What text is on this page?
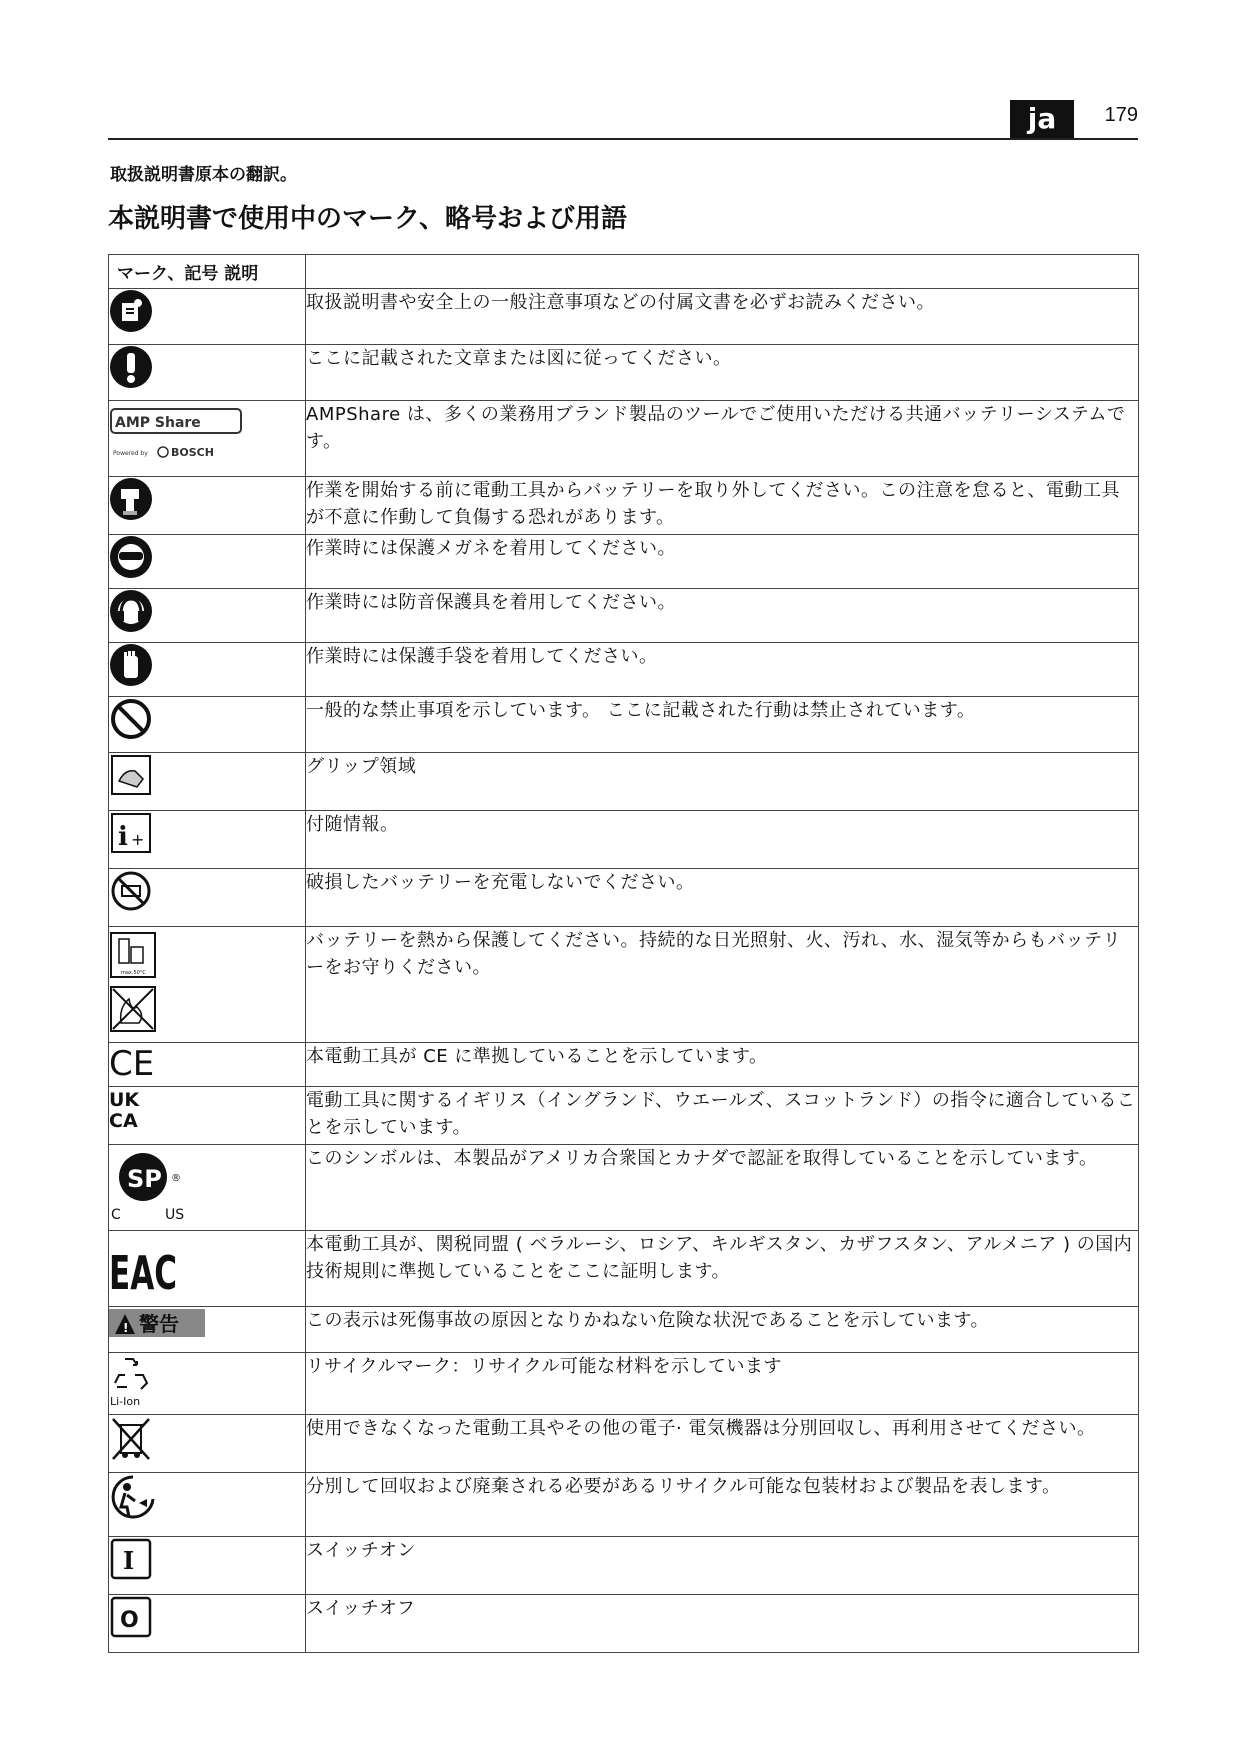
ja	179
取扱説明書原本の翻訳。
本説明書で使用中のマーク、略号および用語
マーク、記号 説明	

	取扱説明書や安全上の一般注意事項などの付属文書を必ずお読みください。

	ここに記載された文章または図に従ってください。

AMP Share
Powered by BOSCH	AMPShare は、多くの業務用ブランド製品のツールでご使用いただける共通バッテリーシステムです。

	作業を開始する前に電動工具からバッテリーを取り外してください。この注意を怠ると、電動工具が不意に作動して負傷する恐れがあります。

	作業時には保護メガネを着用してください。

	作業時には防音保護具を着用してください。

	作業時には保護手袋を着用してください。

	一般的な禁止事項を示しています。 ここに記載された行動は禁止されています。

	グリップ領域

i +	付随情報。

	破損したバッテリーを充電しないでください。

max.50°C	バッテリーを熱から保護してください。持続的な日光照射、火、汚れ、水、湿気等からもバッテリーをお守りください。

CE	本電動工具が CE に準拠していることを示しています。

UK
CA	電動工具に関するイギリス（イングランド、ウエールズ、スコットランド）の指令に適合していることを示しています。

SP ®
C US	このシンボルは、本製品がアメリカ合衆国とカナダで認証を取得していることを示しています。

EAC	本電動工具が、関税同盟 ( ベラルーシ、ロシア、キルギスタン、カザフスタン、アルメニア ) の国内技術規則に準拠していることをここに証明します。

! 警告	この表示は死傷事故の原因となりかねない危険な状況であることを示しています。

Li-Ion	リサイクルマーク：リサイクル可能な材料を示しています

	使用できなくなった電動工具やその他の電子· 電気機器は分別回収し、再利用させてください。

	分別して回収および廃棄される必要があるリサイクル可能な包装材および製品を表します。

I	スイッチオン

O	スイッチオフ
